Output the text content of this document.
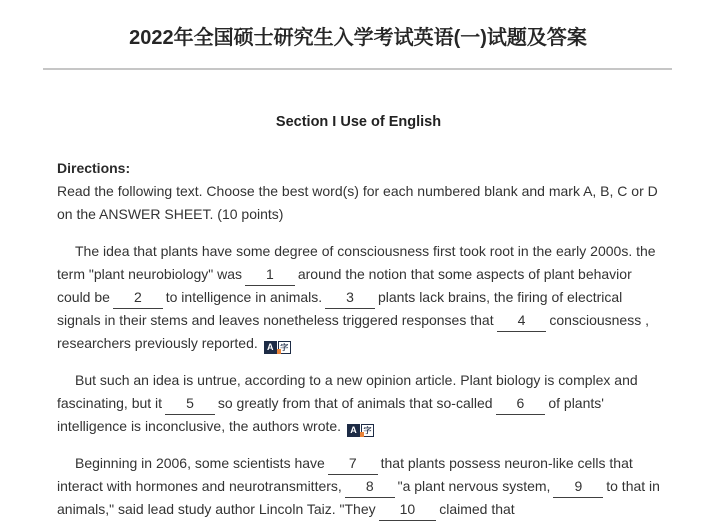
2022年全国硕士研究生入学考试英语(一)试题及答案
Section I Use of English
Directions:
Read the following text. Choose the best word(s) for each numbered blank and mark A, B, C or D on the ANSWER SHEET. (10 points)
The idea that plants have some degree of consciousness first took root in the early 2000s. the term "plant neurobiology" was 1 around the notion that some aspects of plant behavior could be 2 to intelligence in animals. 3 plants lack brains, the firing of electrical signals in their stems and leaves nonetheless triggered responses that 4 consciousness , researchers previously reported.	A 字
But such an idea is untrue, according to a new opinion article. Plant biology is complex and fascinating, but it 5 so greatly from that of animals that so-called 6 of plants' intelligence is inconclusive, the authors wrote.	A 字
Beginning in 2006, some scientists have 7 that plants possess neuron-like cells that interact with hormones and neurotransmitters, 8 "a plant nervous system, 9 to that in animals," said lead study author Lincoln Taiz. "They 10 claimed that
